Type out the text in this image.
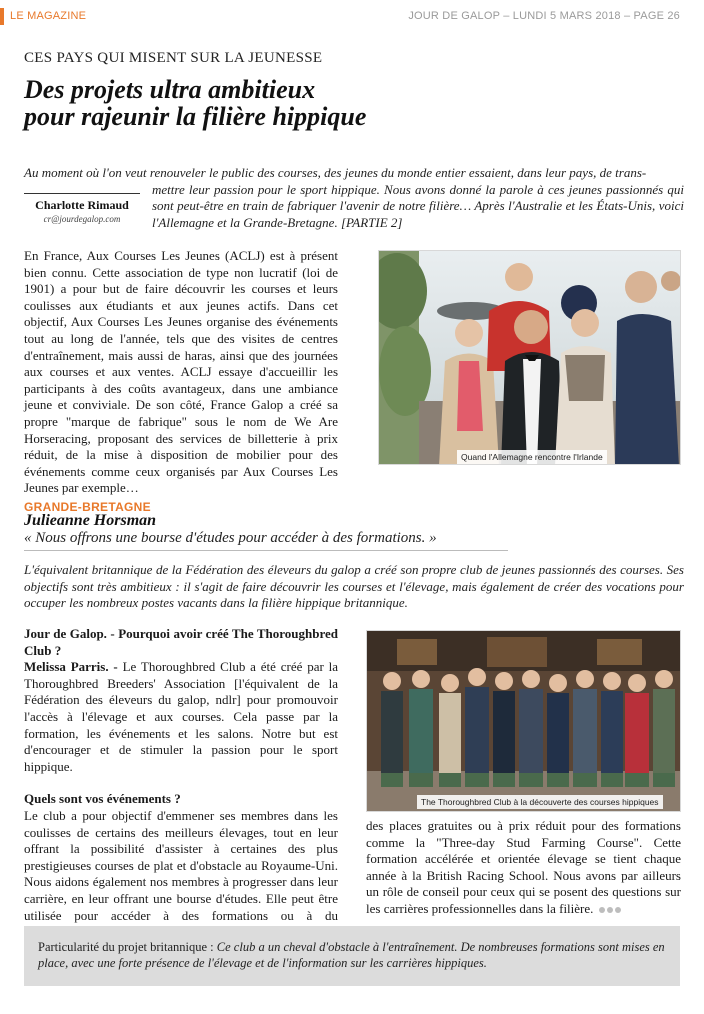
LE MAGAZINE	JOUR DE GALOP – LUNDI 5 MARS 2018 – PAGE 26
CES PAYS QUI MISENT SUR LA JEUNESSE
Des projets ultra ambitieux
pour rajeunir la filière hippique

Au moment où l'on veut renouveler le public des courses, des jeunes du monde entier essaient, dans leur pays, de trans-

mettre leur passion pour le sport hippique. Nous avons donné la parole à ces jeunes passionnés qui sont peut-être en train de fabriquer l'avenir de notre filière… Après l'Australie et les États-Unis, voici l'Allemagne et la Grande-Bretagne. [PARTIE 2]

Charlotte Rimaud
cr@jourdegalop.com
En France, Aux Courses Les Jeunes (ACLJ) est à présent bien connu. Cette association de type non lucratif (loi de 1901) a pour but de faire découvrir les courses et leurs coulisses aux étudiants et aux jeunes actifs. Dans cet objectif, Aux Courses Les Jeunes organise des événements tout au long de l'année, tels que des visites de centres d'entraînement, mais aussi de haras, ainsi que des journées aux courses et aux ventes. ACLJ essaye d'accueillir les participants à des coûts avantageux, dans une ambiance jeune et conviviale. De son côté, France Galop a créé sa propre "marque de fabrique" sous le nom de We Are Horseracing, proposant des services de billetterie à prix réduit, de la mise à disposition de mobilier pour des événements comme ceux organisés par Aux Courses Les Jeunes par exemple…
Quand l'Allemagne rencontre l'Irlande
GRANDE-BRETAGNE
Julieanne Horsman
« Nous offrons une bourse d'études pour accéder à des formations. »
L'équivalent britannique de la Fédération des éleveurs du galop a créé son propre club de jeunes passionnés des courses. Ses objectifs sont très ambitieux : il s'agit de faire découvrir les courses et l'élevage, mais également de créer des vocations pour occuper les nombreux postes vacants dans la filière hippique britannique.

Jour de Galop. - Pourquoi avoir créé The Thoroughbred Club ?

Melissa Parris. - Le Thoroughbred Club a été créé par la Thoroughbred Breeders' Association [l'équivalent de la Fédération des éleveurs du galop, ndlr] pour promouvoir l'accès à l'élevage et aux courses. Cela passe par la formation, les événements et les salons. Notre but est d'encourager et de stimuler la passion pour le sport hippique.

Quels sont vos événements ?

Le club a pour objectif d'emmener ses membres dans les coulisses de certains des meilleurs élevages, tout en leur offrant la possibilité d'assister à certaines des plus prestigieuses courses de plat et d'obstacle au Royaume-Uni. Nous aidons également nos membres à progresser dans leur carrière, en leur offrant une bourse d'études. Elle peut être utilisée pour accéder à des formations ou à du

The Thoroughbred Club à la découverte des courses hippiques
des places gratuites ou à prix réduit pour des formations comme la "Three-day Stud Farming Course". Cette formation accélérée et orientée élevage se tient chaque année à la British Racing School. Nous avons par ailleurs un rôle de conseil pour ceux qui se posent des questions sur les carrières professionnelles dans la filière.
Particularité du projet britannique : Ce club a un cheval d'obstacle à l'entraînement. De nombreuses formations sont mises en place, avec une forte présence de l'élevage et de l'information sur les carrières hippiques.
